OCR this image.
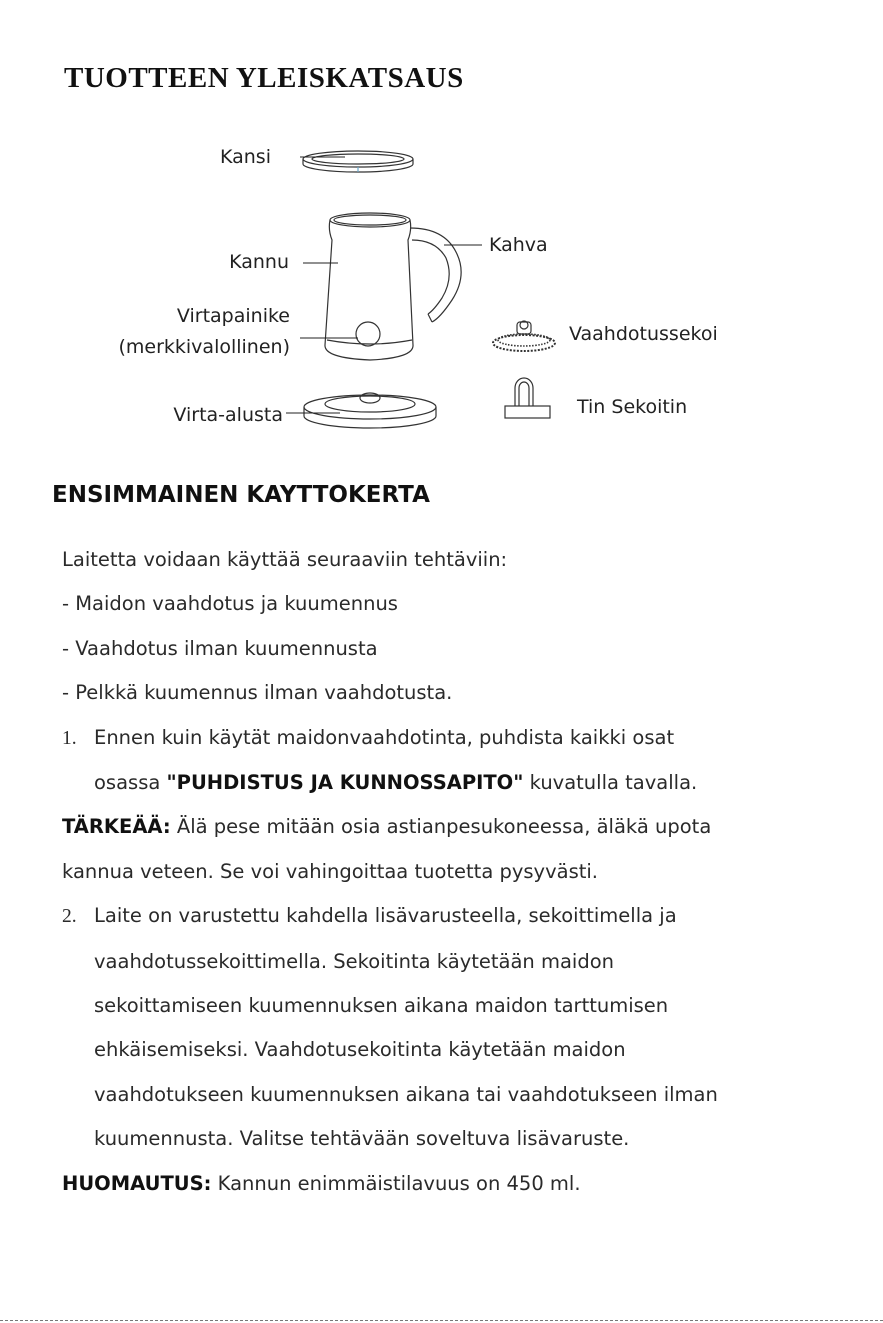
TUOTTEEN YLEISKATSAUS
Kansi
Kannu
Kahva
Virtapainike
(merkkivalollinen)
Vaahdotussekoi
Virta-alusta	Tin Sekoitin
ENSIMMAINEN KAYTTOKERTA
Laitetta voidaan käyttää seuraaviin tehtäviin:
- Maidon vaahdotus ja kuumennus
- Vaahdotus ilman kuumennusta
- Pelkkä kuumennus ilman vaahdotusta.
1. Ennen kuin käytät maidonvaahdotinta, puhdista kaikki osat
osassa "PUHDISTUS JA KUNNOSSAPITO" kuvatulla tavalla.
TÄRKEÄÄ: Älä pese mitään osia astianpesukoneessa, äläkä upota
kannua veteen. Se voi vahingoittaa tuotetta pysyvästi.
2. Laite on varustettu kahdella lisävarusteella, sekoittimella ja
vaahdotussekoittimella. Sekoitinta käytetään maidon
sekoittamiseen kuumennuksen aikana maidon tarttumisen
ehkäisemiseksi. Vaahdotusekoitinta käytetään maidon
vaahdotukseen kuumennuksen aikana tai vaahdotukseen ilman
kuumennusta. Valitse tehtävään soveltuva lisävaruste.
HUOMAUTUS: Kannun enimmäistilavuus on 450 ml.
